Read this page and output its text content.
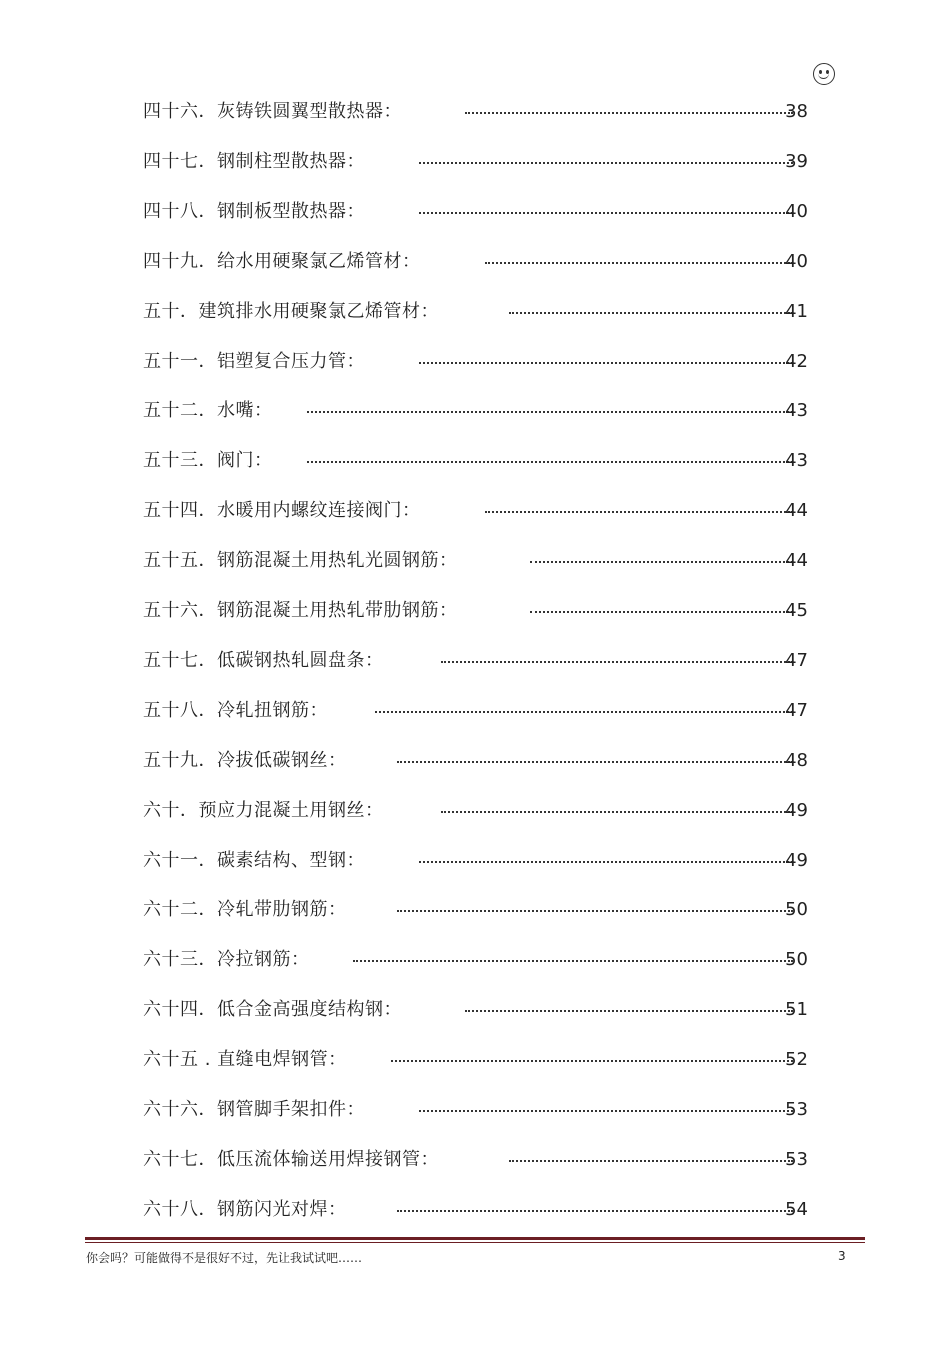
四十六．灰铸铁圆翼型散热器：	38
四十七．钢制柱型散热器：	39
四十八．钢制板型散热器：	40
四十九．给水用硬聚氯乙烯管材：	40
五十．建筑排水用硬聚氯乙烯管材：	41
五十一．铝塑复合压力管：	42
五十二．水嘴：	43
五十三．阀门：	43
五十四．水暖用内螺纹连接阀门：	44
五十五．钢筋混凝土用热轧光圆钢筋：	44
五十六．钢筋混凝土用热轧带肋钢筋：	45
五十七．低碳钢热轧圆盘条：	47
五十八．冷轧扭钢筋：	47
五十九．冷拔低碳钢丝：	48
六十．预应力混凝土用钢丝：	49
六十一．碳素结构、型钢：	49
六十二．冷轧带肋钢筋：	50
六十三．冷拉钢筋：	50
六十四．低合金高强度结构钢：	51
六十五 . 直缝电焊钢管：	52
六十六．钢管脚手架扣件：	53
六十七．低压流体输送用焊接钢管：	53
六十八．钢筋闪光对焊：	54
你会吗？可能做得不是很好不过，先让我试试吧……	3
